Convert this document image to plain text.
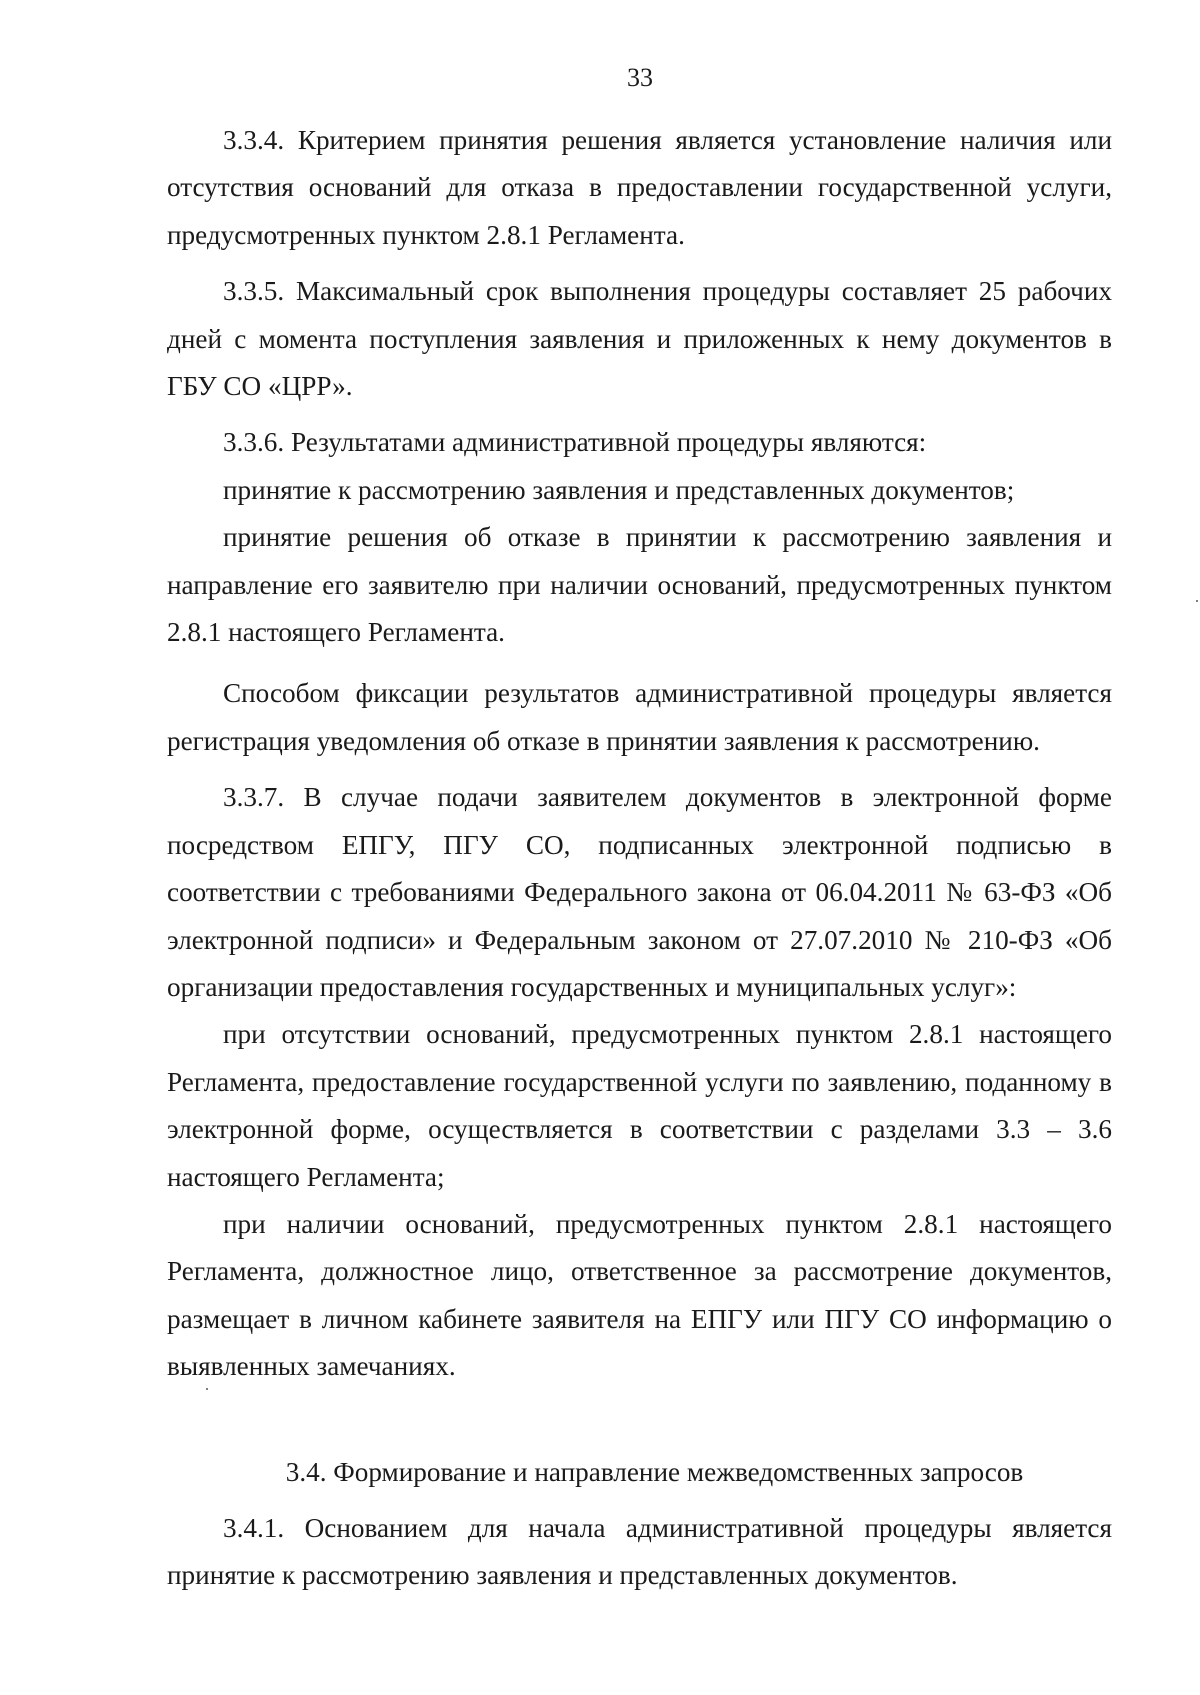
33

3.3.4. Критерием принятия решения является установление наличия или отсутствия оснований для отказа в предоставлении государственной услуги, предусмотренных пунктом 2.8.1 Регламента.

3.3.5. Максимальный срок выполнения процедуры составляет 25 рабочих дней с момента поступления заявления и приложенных к нему документов в ГБУ СО «ЦРР».

3.3.6. Результатами административной процедуры являются:

принятие к рассмотрению заявления и представленных документов;

принятие решения об отказе в принятии к рассмотрению заявления и направление его заявителю при наличии оснований, предусмотренных пунктом 2.8.1 настоящего Регламента.

Способом фиксации результатов административной процедуры является регистрация уведомления об отказе в принятии заявления к рассмотрению.

3.3.7. В случае подачи заявителем документов в электронной форме посредством ЕПГУ, ПГУ СО, подписанных электронной подписью в соответствии с требованиями Федерального закона от 06.04.2011 № 63-ФЗ «Об электронной подписи» и Федеральным законом от 27.07.2010 № 210-ФЗ «Об организации предоставления государственных и муниципальных услуг»:

при отсутствии оснований, предусмотренных пунктом 2.8.1 настоящего Регламента, предоставление государственной услуги по заявлению, поданному в электронной форме, осуществляется в соответствии с разделами 3.3 – 3.6 настоящего Регламента;

при наличии оснований, предусмотренных пунктом 2.8.1 настоящего Регламента, должностное лицо, ответственное за рассмотрение документов, размещает в личном кабинете заявителя на ЕПГУ или ПГУ СО информацию о выявленных замечаниях.

3.4. Формирование и направление межведомственных запросов

3.4.1. Основанием для начала административной процедуры является принятие к рассмотрению заявления и представленных документов.
